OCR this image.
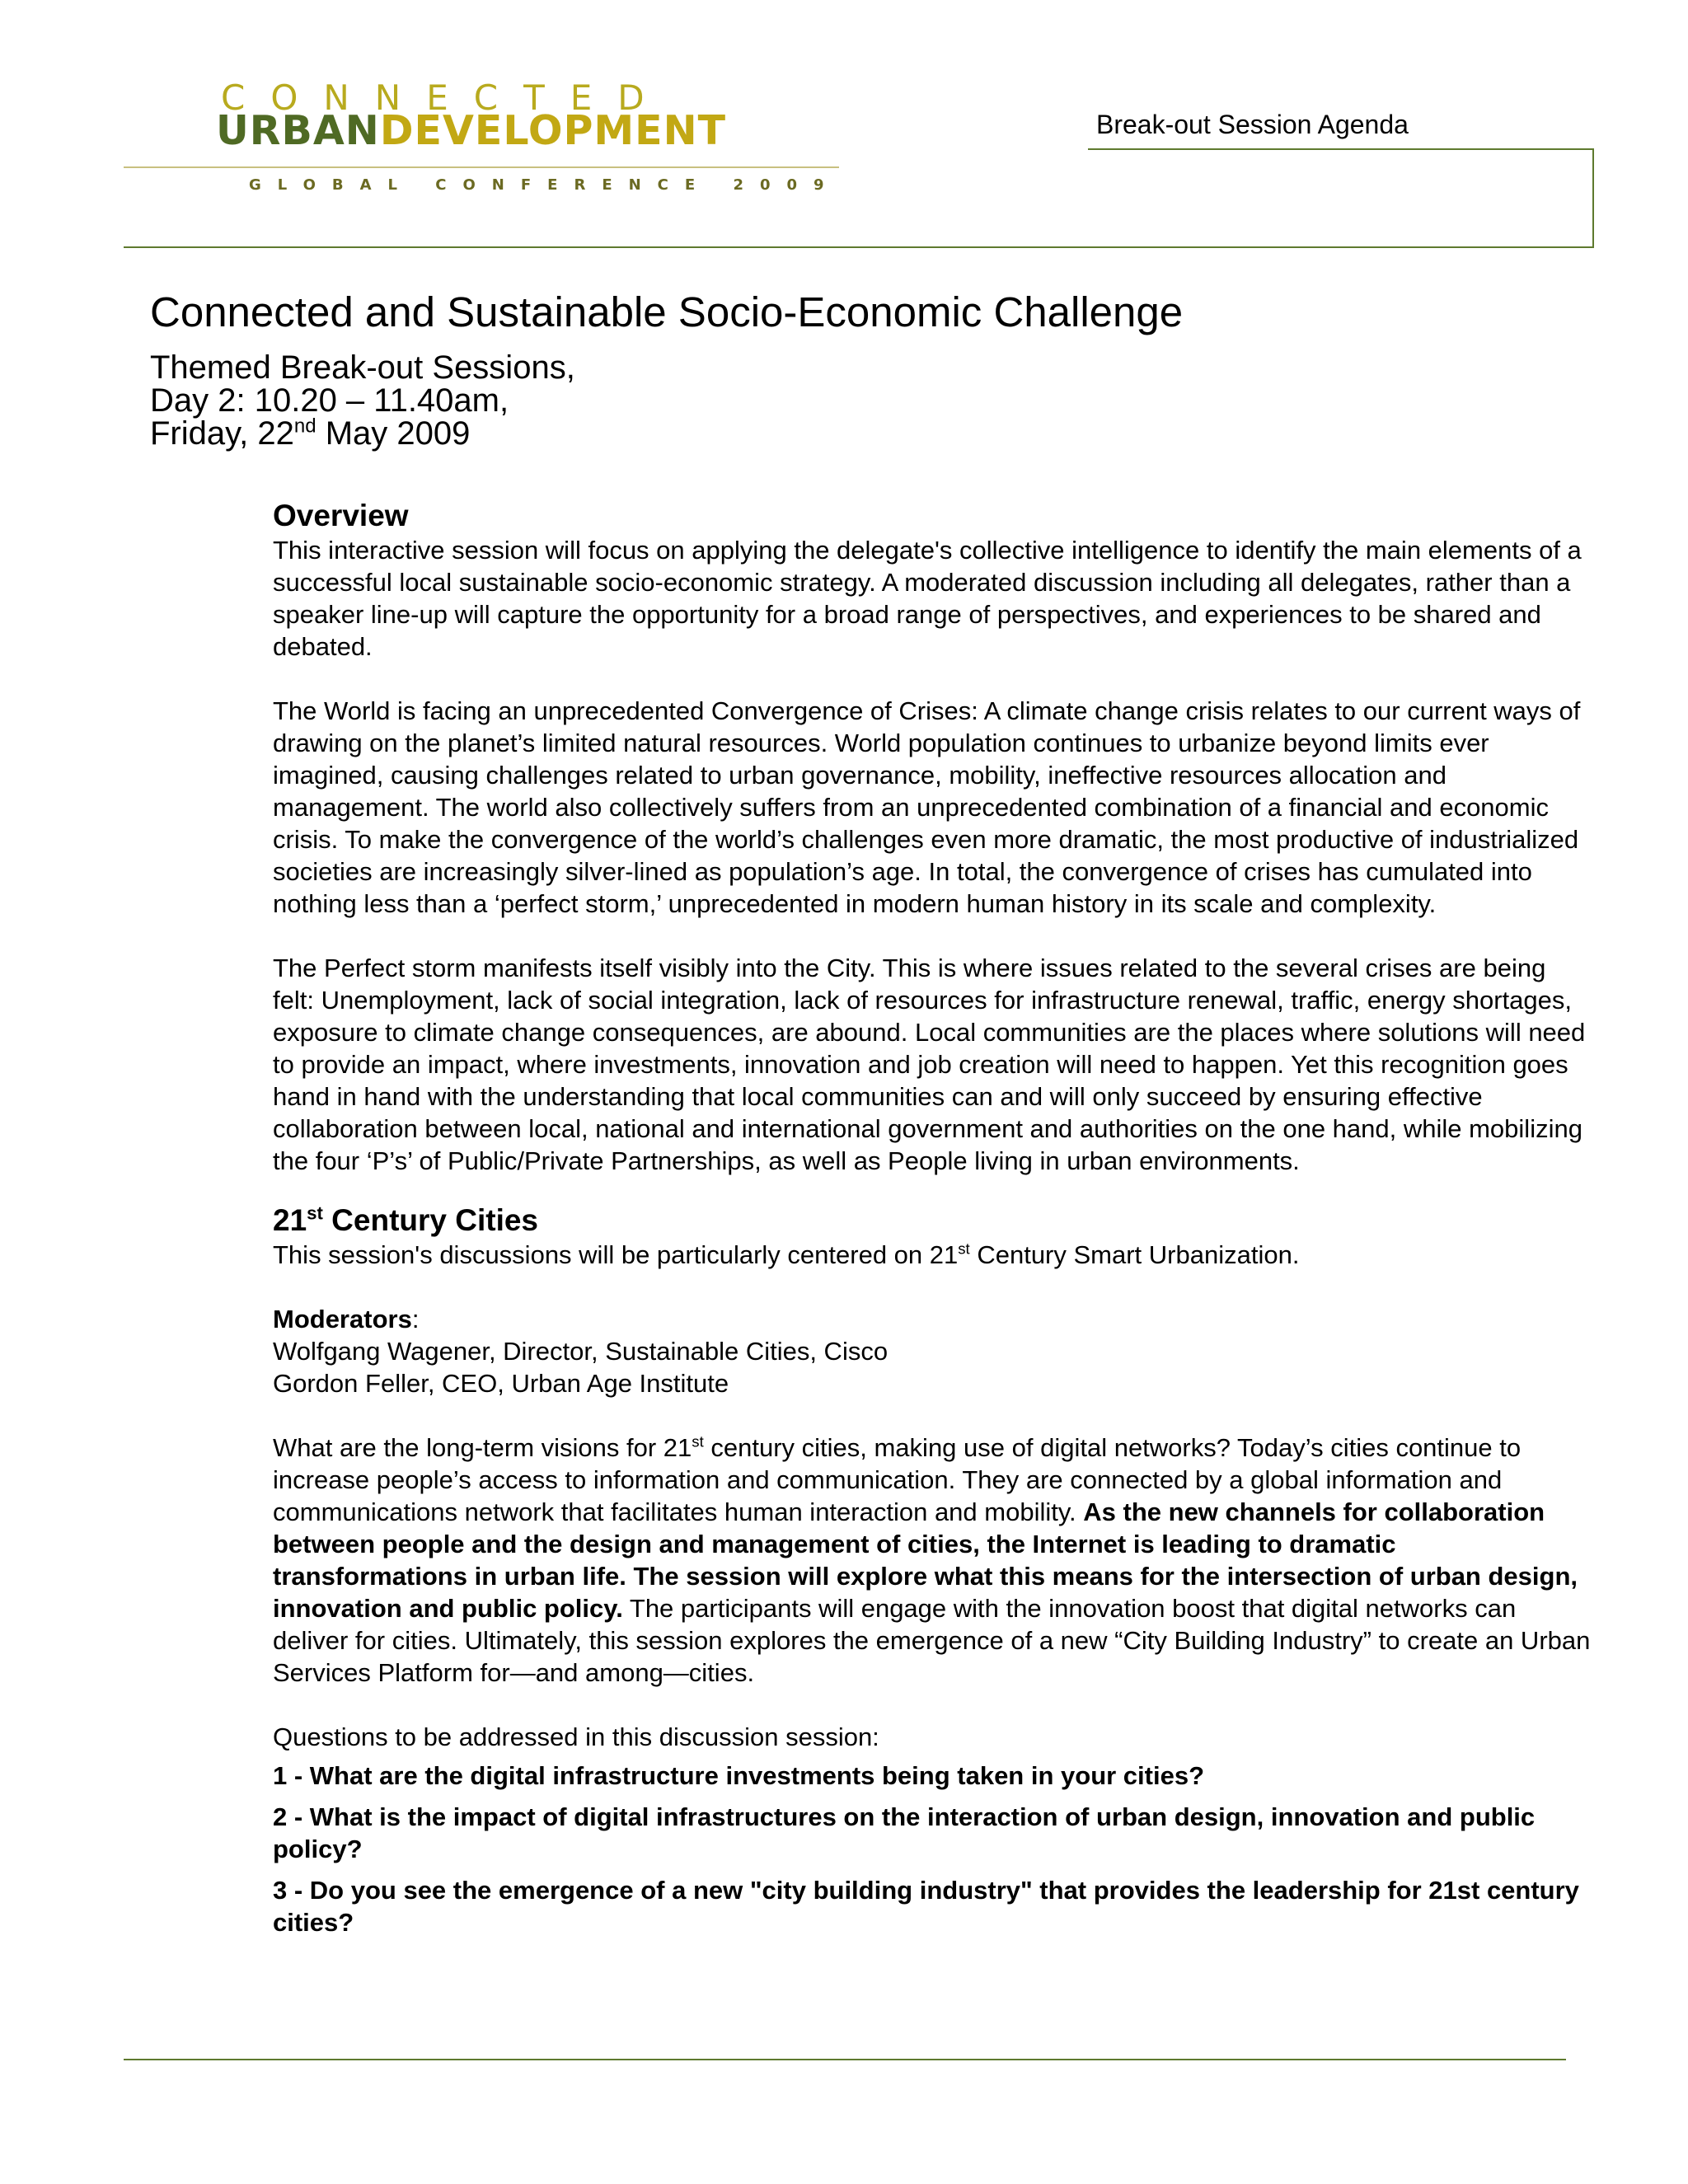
CONNECTED
URBANDEVELOPMENT
GLOBAL CONFERENCE 2009
Break-out Session Agenda
Connected and Sustainable Socio-Economic Challenge
Themed Break-out Sessions,
Day 2: 10.20 – 11.40am,
Friday, 22nd May 2009
Overview

This interactive session will focus on applying the delegate's collective intelligence to identify the main elements of a successful local sustainable socio-economic strategy. A moderated discussion including all delegates, rather than a speaker line-up will capture the opportunity for a broad range of perspectives, and experiences to be shared and debated.

The World is facing an unprecedented Convergence of Crises: A climate change crisis relates to our current ways of drawing on the planet’s limited natural resources. World population continues to urbanize beyond limits ever imagined, causing challenges related to urban governance, mobility, ineffective resources allocation and management. The world also collectively suffers from an unprecedented combination of a financial and economic crisis. To make the convergence of the world’s challenges even more dramatic, the most productive of industrialized societies are increasingly silver-lined as population’s age. In total, the convergence of crises has cumulated into nothing less than a ‘perfect storm,’ unprecedented in modern human history in its scale and complexity.

The Perfect storm manifests itself visibly into the City. This is where issues related to the several crises are being felt: Unemployment, lack of social integration, lack of resources for infrastructure renewal, traffic, energy shortages, exposure to climate change consequences, are abound. Local communities are the places where solutions will need to provide an impact, where investments, innovation and job creation will need to happen. Yet this recognition goes hand in hand with the understanding that local communities can and will only succeed by ensuring effective collaboration between local, national and international government and authorities on the one hand, while mobilizing the four ‘P’s’ of Public/Private Partnerships, as well as People living in urban environments.

21st Century Cities

This session's discussions will be particularly centered on 21st Century Smart Urbanization.

Moderators:

Wolfgang Wagener, Director, Sustainable Cities, Cisco

Gordon Feller, CEO, Urban Age Institute

What are the long-term visions for 21st century cities, making use of digital networks? Today’s cities continue to increase people’s access to information and communication. They are connected by a global information and communications network that facilitates human interaction and mobility. As the new channels for collaboration between people and the design and management of cities, the Internet is leading to dramatic transformations in urban life. The session will explore what this means for the intersection of urban design, innovation and public policy. The participants will engage with the innovation boost that digital networks can deliver for cities. Ultimately, this session explores the emergence of a new “City Building Industry” to create an Urban Services Platform for—and among—cities.

Questions to be addressed in this discussion session:

1 - What are the digital infrastructure investments being taken in your cities?

2 - What is the impact of digital infrastructures on the interaction of urban design, innovation and public policy?

3 - Do you see the emergence of a new "city building industry" that provides the leadership for 21st century cities?
